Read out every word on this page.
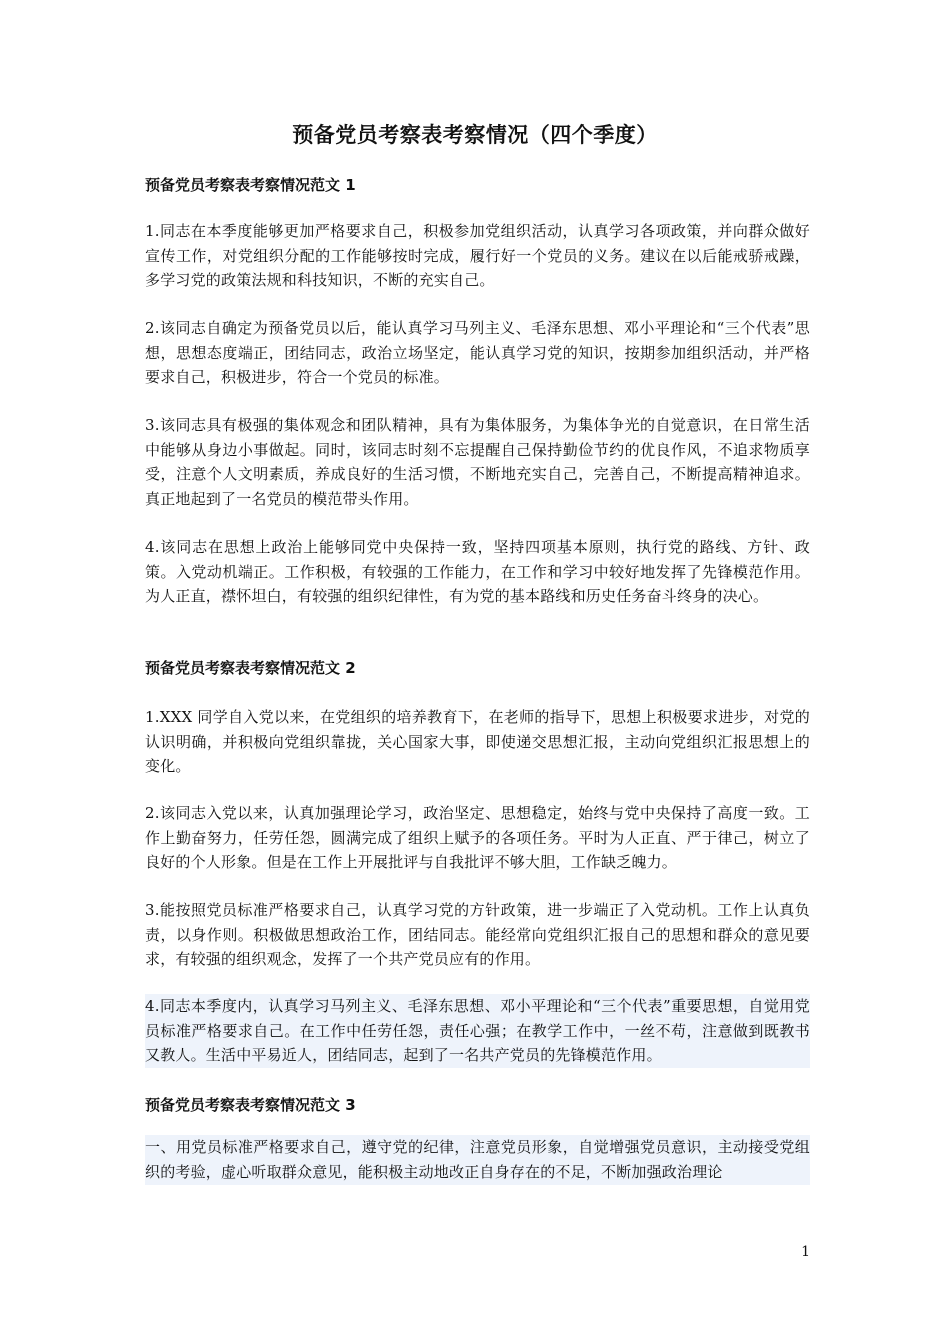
预备党员考察表考察情况（四个季度）
预备党员考察表考察情况范文 1
1.同志在本季度能够更加严格要求自己，积极参加党组织活动，认真学习各项政策，并向群众做好宣传工作，对党组织分配的工作能够按时完成，履行好一个党员的义务。建议在以后能戒骄戒躁，多学习党的政策法规和科技知识，不断的充实自己。
2.该同志自确定为预备党员以后，能认真学习马列主义、毛泽东思想、邓小平理论和“三个代表”思想，思想态度端正，团结同志，政治立场坚定，能认真学习党的知识，按期参加组织活动，并严格要求自己，积极进步，符合一个党员的标准。
3.该同志具有极强的集体观念和团队精神，具有为集体服务，为集体争光的自觉意识，在日常生活中能够从身边小事做起。同时，该同志时刻不忘提醒自己保持勤俭节约的优良作风，不追求物质享受，注意个人文明素质，养成良好的生活习惯，不断地充实自己，完善自己，不断提高精神追求。真正地起到了一名党员的模范带头作用。
4.该同志在思想上政治上能够同党中央保持一致，坚持四项基本原则，执行党的路线、方针、政策。入党动机端正。工作积极，有较强的工作能力，在工作和学习中较好地发挥了先锋模范作用。为人正直，襟怀坦白，有较强的组织纪律性，有为党的基本路线和历史任务奋斗终身的决心。
预备党员考察表考察情况范文 2
1.XXX 同学自入党以来，在党组织的培养教育下，在老师的指导下，思想上积极要求进步，对党的认识明确，并积极向党组织靠拢，关心国家大事，即使递交思想汇报，主动向党组织汇报思想上的变化。
2.该同志入党以来，认真加强理论学习，政治坚定、思想稳定，始终与党中央保持了高度一致。工作上勤奋努力，任劳任怨，圆满完成了组织上赋予的各项任务。平时为人正直、严于律己，树立了良好的个人形象。但是在工作上开展批评与自我批评不够大胆，工作缺乏魄力。
3.能按照党员标准严格要求自己，认真学习党的方针政策，进一步端正了入党动机。工作上认真负责，以身作则。积极做思想政治工作，团结同志。能经常向党组织汇报自己的思想和群众的意见要求，有较强的组织观念，发挥了一个共产党员应有的作用。
4.同志本季度内，认真学习马列主义、毛泽东思想、邓小平理论和“三个代表”重要思想，自觉用党员标准严格要求自己。在工作中任劳任怨，责任心强；在教学工作中，一丝不苟，注意做到既教书又教人。生活中平易近人，团结同志，起到了一名共产党员的先锋模范作用。
预备党员考察表考察情况范文 3
一、用党员标准严格要求自己，遵守党的纪律，注意党员形象，自觉增强党员意识，主动接受党组织的考验，虚心听取群众意见，能积极主动地改正自身存在的不足，不断加强政治理论
1
